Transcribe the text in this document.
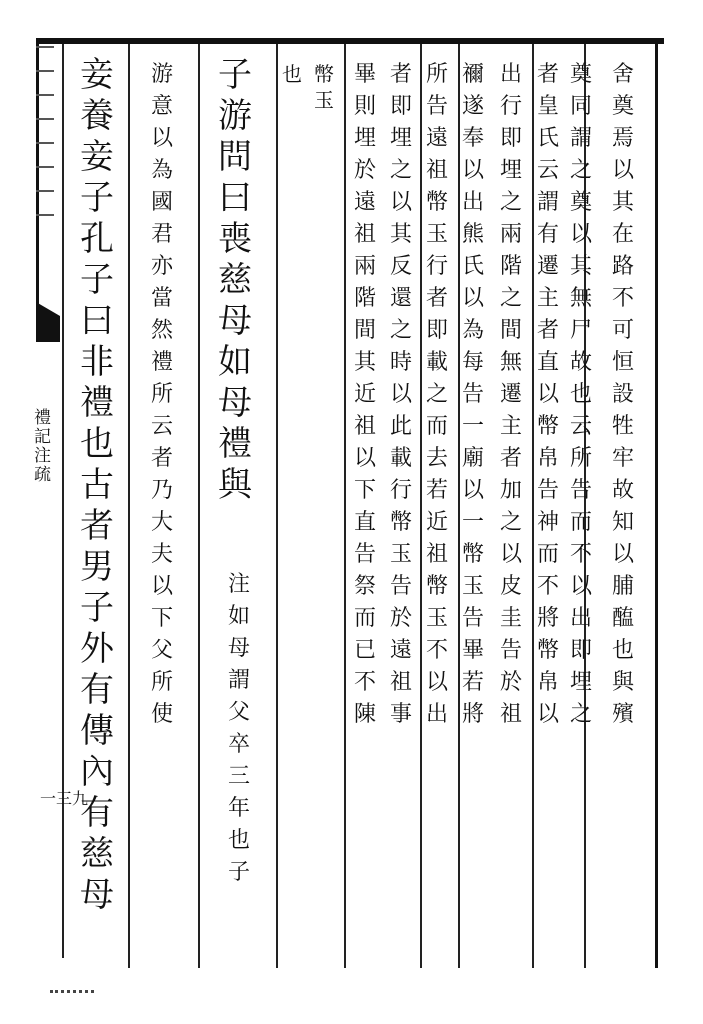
舍
奠
焉
以
其
在
路
不
可
恒
設
牲
牢
故
知
以
脯
醢
也
與
殯
奠
同
謂
之
奠
以
其
無
尸
故
也
云
所
告
而
不
以
出
即
埋
之
出
行
即
埋
之
兩
階
之
間
無
遷
主
者
加
之
以
皮
圭
告
於
祖
者
皇
氏
云
謂
有
遷
主
者
直
以
幣
帛
告
神
而
不
將
幣
帛
以
禰
遂
奉
以
出
熊
氏
以
為
每
告
一
廟
以
一
幣
玉
告
畢
若
將
所
告
遠
祖
幣
玉
行
者
即
載
之
而
去
若
近
祖
幣
玉
不
以
出
者
即
埋
之
以
其
反
還
之
時
以
此
載
行
幣
玉
告
於
遠
祖
事
畢
則
埋
於
遠
祖
兩
階
間
其
近
祖
以
下
直
告
祭
而
已
不
陳
幣
玉
也
子
游
問
曰
喪
慈
母
如
母
禮
與
注
如
母
謂
父
卒
三
年
也
子
游
意
以
為
國
君
亦
當
然
禮
所
云
者
乃
大
夫
以
下
父
所
使
妾
養
妾
子
孔
子
曰
非
禮
也
古
者
男
子
外
有
傳
內
有
慈
母
禮
記
注
疏
一三九
